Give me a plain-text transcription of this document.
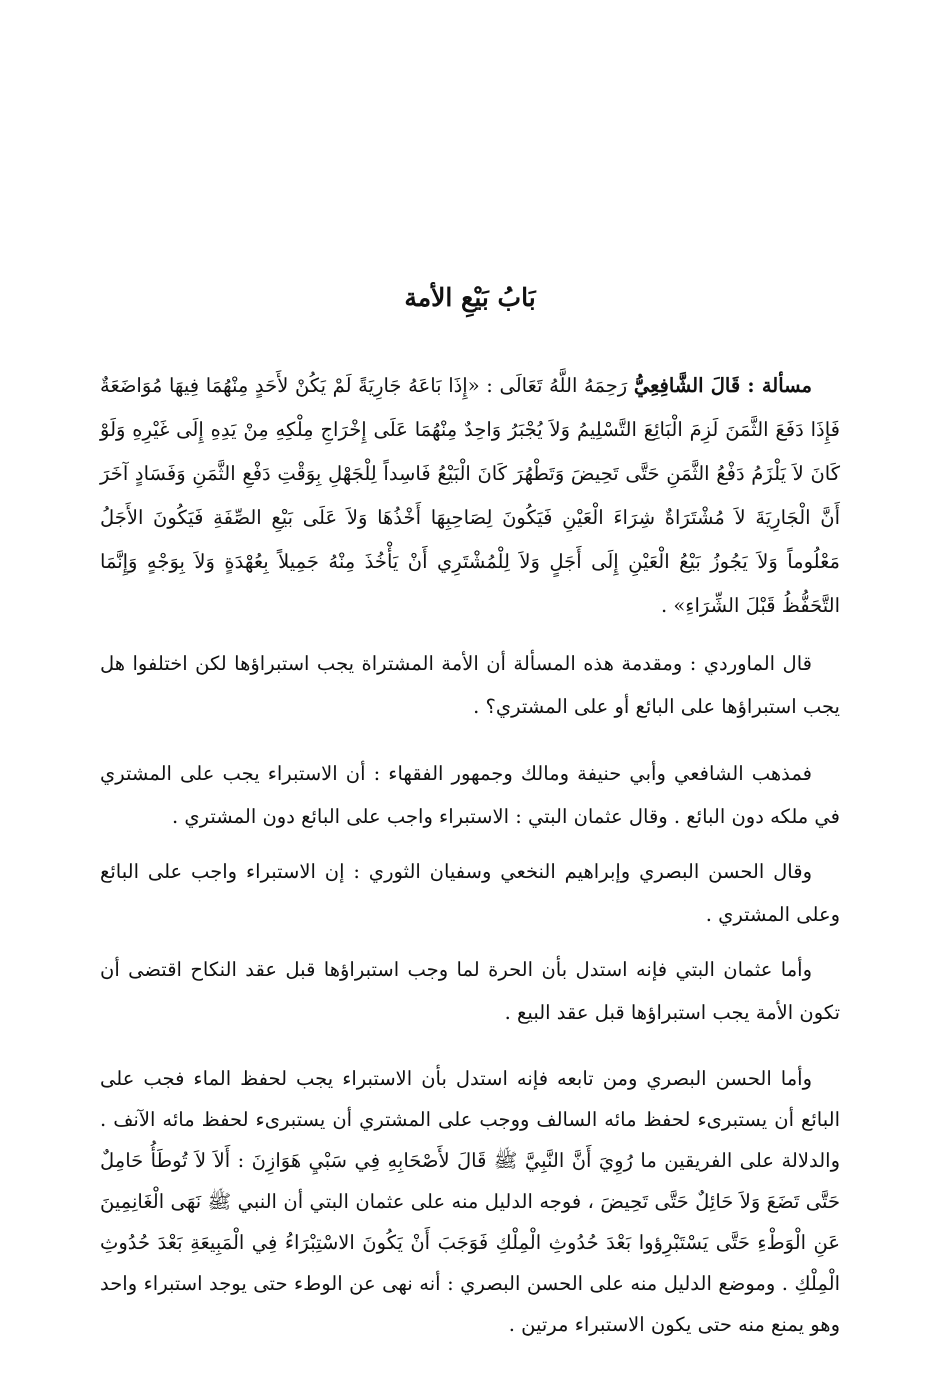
بَابُ بَيْعِ الأمة

مسألة : قَالَ الشَّافِعِيُّ رَحِمَهُ اللَّهُ تَعَالَى : «إِذَا بَاعَهُ جَارِيَةً لَمْ يَكُنْ لأَحَدٍ مِنْهُمَا فِيهَا مُوَاضَعَةٌ فَإِذَا دَفَعَ الثَّمَنَ لَزِمَ الْبَائِعَ التَّسْلِيمُ وَلاَ يُجْبَرُ وَاحِدٌ مِنْهُمَا عَلَى إِخْرَاجِ مِلْكِهِ مِنْ يَدِهِ إِلَى غَيْرِهِ وَلَوْ كَانَ لاَ يَلْزَمُ دَفْعُ الثَّمَنِ حَتَّى تَحِيضَ وَتَطْهُرَ كَانَ الْبَيْعُ فَاسِداً لِلْجَهْلِ بِوَقْتِ دَفْعِ الثَّمَنِ وَفَسَادٍ آخَرَ أَنَّ الْجَارِيَةَ لاَ مُشْتَرَاةٌ شِرَاءَ الْعَيْنِ فَيَكُونَ لِصَاحِبِهَا أَخْذُهَا وَلاَ عَلَى بَيْعِ الصِّفَةِ فَيَكُونَ الأَجَلُ مَعْلُوماً وَلاَ يَجُوزُ بَيْعُ الْعَيْنِ إِلَى أَجَلٍ وَلاَ لِلْمُشْتَرِي أَنْ يَأْخُذَ مِنْهُ جَمِيلاً بِعُهْدَةٍ وَلاَ بِوَجْهٍ وَإِنَّمَا التَّحَفُّظُ قَبْلَ الشِّرَاءِ» .

قال الماوردي : ومقدمة هذه المسألة أن الأمة المشتراة يجب استبراؤها لكن اختلفوا هل يجب استبراؤها على البائع أو على المشتري؟ .

فمذهب الشافعي وأبي حنيفة ومالك وجمهور الفقهاء : أن الاستبراء يجب على المشتري في ملكه دون البائع . وقال عثمان البتي : الاستبراء واجب على البائع دون المشتري .

وقال الحسن البصري وإبراهيم النخعي وسفيان الثوري : إن الاستبراء واجب على البائع وعلى المشتري .

وأما عثمان البتي فإنه استدل بأن الحرة لما وجب استبراؤها قبل عقد النكاح اقتضى أن تكون الأمة يجب استبراؤها قبل عقد البيع .

وأما الحسن البصري ومن تابعه فإنه استدل بأن الاستبراء يجب لحفظ الماء فجب على البائع أن يستبرىء لحفظ مائه السالف ووجب على المشتري أن يستبرىء لحفظ مائه الآنف . والدلالة على الفريقين ما رُوِيَ أَنَّ النَّبِيَّ ﷺ قَالَ لأَصْحَابِهِ فِي سَبْيِ هَوَازِنَ : أَلاَ لاَ تُوطَأُ حَامِلٌ حَتَّى تَضَعَ وَلاَ حَائِلٌ حَتَّى تَحِيضَ ، فوجه الدليل منه على عثمان البتي أن النبي ﷺ نَهَى الْغَانِمِينَ عَنِ الْوَطْءِ حَتَّى يَسْتَبْرِؤوا بَعْدَ حُدُوثِ الْمِلْكِ فَوَجَبَ أَنْ يَكُونَ الاسْتِبْرَاءُ فِي الْمَبِيعَةِ بَعْدَ حُدُوثِ الْمِلْكِ . وموضع الدليل منه على الحسن البصري : أنه نهى عن الوطء حتى يوجد استبراء واحد وهو يمنع منه حتى يكون الاستبراء مرتين .
